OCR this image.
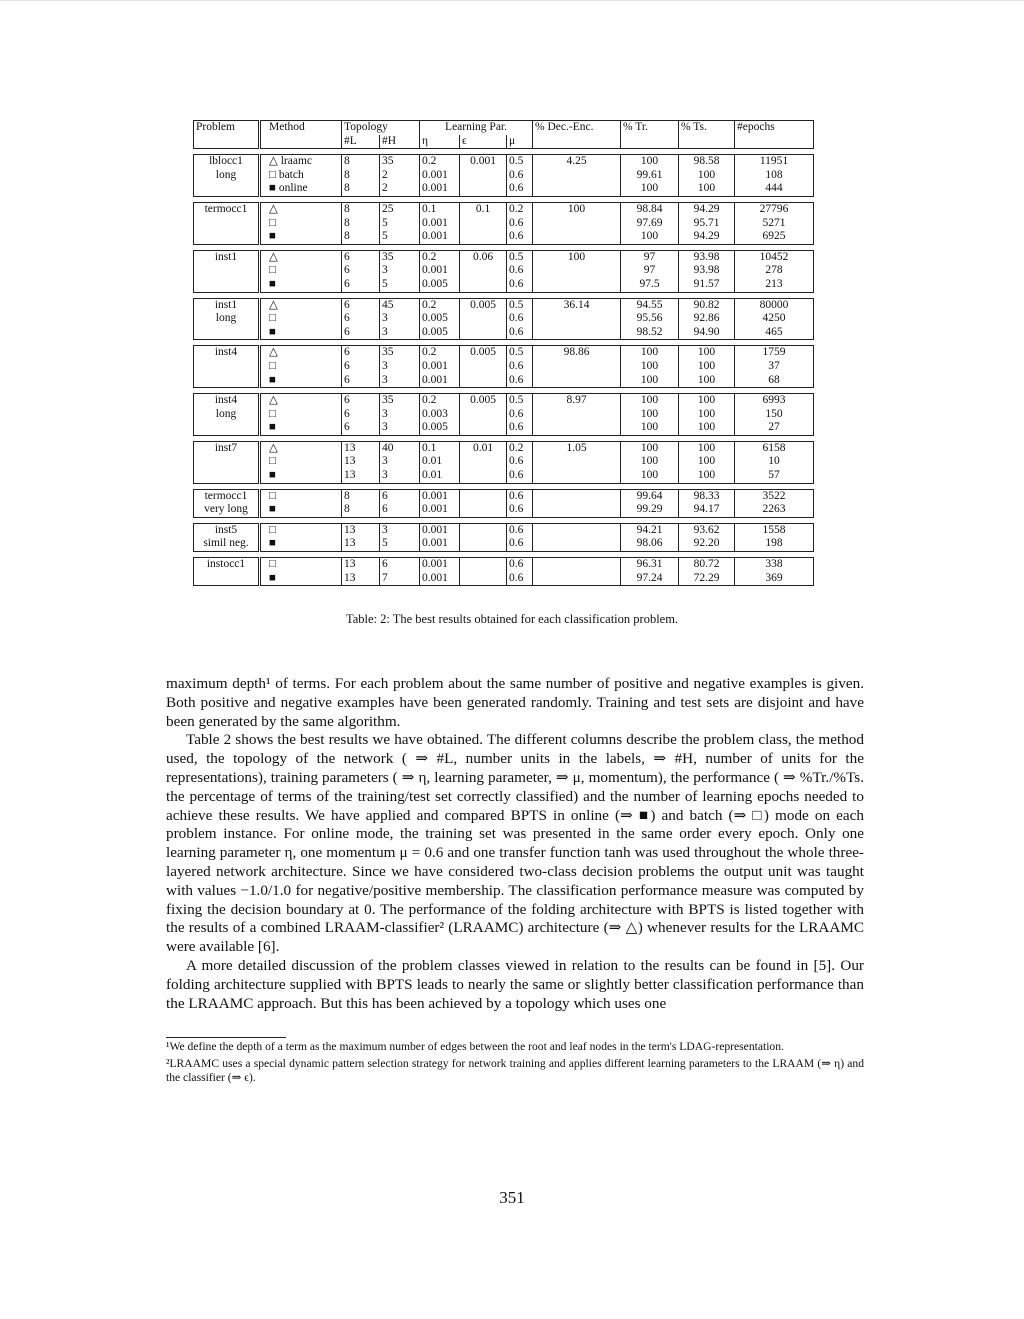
Problem	Method	Topology		Learning Par.			% Dec.-Enc.	% Tr.	% Ts.	#epochs
		#L	#H	η	ϵ	μ				

lblocc1	△ lraamc	8	35	0.2	0.001	0.5	4.25	100	98.58	11951
long	□ batch	8	2	0.001		0.6		99.61	100	108
	■ online	8	2	0.001		0.6		100	100	444

termocc1	△	8	25	0.1	0.1	0.2	100	98.84	94.29	27796
	□	8	5	0.001		0.6		97.69	95.71	5271
	■	8	5	0.001		0.6		100	94.29	6925

inst1	△	6	35	0.2	0.06	0.5	100	97	93.98	10452
	□	6	3	0.001		0.6		97	93.98	278
	■	6	5	0.005		0.6		97.5	91.57	213

inst1	△	6	45	0.2	0.005	0.5	36.14	94.55	90.82	80000
long	□	6	3	0.005		0.6		95.56	92.86	4250
	■	6	3	0.005		0.6		98.52	94.90	465

inst4	△	6	35	0.2	0.005	0.5	98.86	100	100	1759
	□	6	3	0.001		0.6		100	100	37
	■	6	3	0.001		0.6		100	100	68

inst4	△	6	35	0.2	0.005	0.5	8.97	100	100	6993
long	□	6	3	0.003		0.6		100	100	150
	■	6	3	0.005		0.6		100	100	27

inst7	△	13	40	0.1	0.01	0.2	1.05	100	100	6158
	□	13	3	0.01		0.6		100	100	10
	■	13	3	0.01		0.6		100	100	57

termocc1	□	8	6	0.001		0.6		99.64	98.33	3522
very long	■	8	6	0.001		0.6		99.29	94.17	2263

inst5	□	13	3	0.001		0.6		94.21	93.62	1558
simil neg.	■	13	5	0.001		0.6		98.06	92.20	198

instocc1	□	13	6	0.001		0.6		96.31	80.72	338
	■	13	7	0.001		0.6		97.24	72.29	369
Table: 2: The best results obtained for each classification problem.

maximum depth¹ of terms. For each problem about the same number of positive and negative examples is given. Both positive and negative examples have been generated randomly. Training and test sets are disjoint and have been generated by the same algorithm.

Table 2 shows the best results we have obtained. The different columns describe the problem class, the method used, the topology of the network ( ⇒ #L, number units in the labels, ⇒ #H, number of units for the representations), training parameters ( ⇒ η, learning parameter, ⇒ μ, momentum), the performance ( ⇒ %Tr./%Ts. the percentage of terms of the training/test set correctly classified) and the number of learning epochs needed to achieve these results. We have applied and compared BPTS in online (⇒ ■) and batch (⇒ □) mode on each problem instance. For online mode, the training set was presented in the same order every epoch. Only one learning parameter η, one momentum μ = 0.6 and one transfer function tanh was used throughout the whole three-layered network architecture. Since we have considered two-class decision problems the output unit was taught with values −1.0/1.0 for negative/positive membership. The classification performance measure was computed by fixing the decision boundary at 0. The performance of the folding architecture with BPTS is listed together with the results of a combined LRAAM-classifier² (LRAAMC) architecture (⇒ △) whenever results for the LRAAMC were available [6].

A more detailed discussion of the problem classes viewed in relation to the results can be found in [5]. Our folding architecture supplied with BPTS leads to nearly the same or slightly better classification performance than the LRAAMC approach. But this has been achieved by a topology which uses one

¹We define the depth of a term as the maximum number of edges between the root and leaf nodes in the term's LDAG-representation.

²LRAAMC uses a special dynamic pattern selection strategy for network training and applies different learning parameters to the LRAAM (⇒ η) and the classifier (⇒ ϵ).

351
